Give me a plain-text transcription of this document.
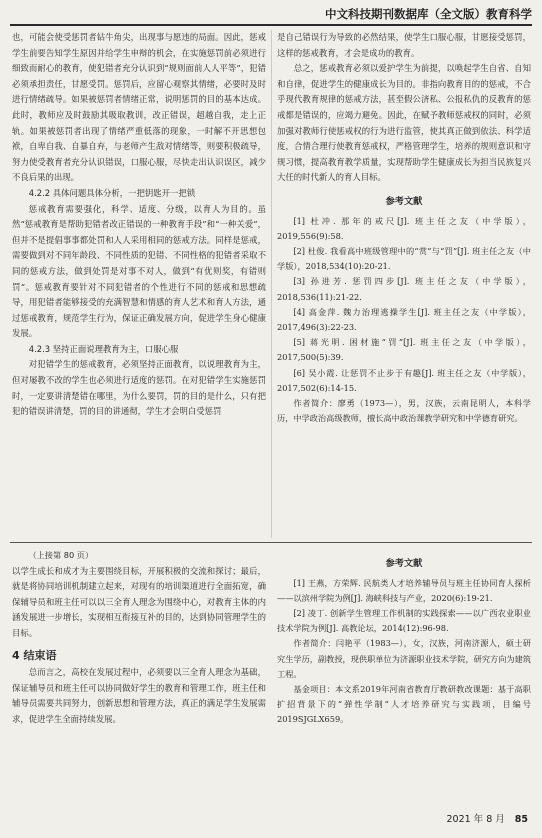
中文科技期刊数据库（全文版）教育科学

也，可能会使受惩罚者钻牛角尖，出现事与愿违的局面。因此，惩戒学生前要告知学生原因并给学生申辩的机会，在实施惩罚前必须进行细致而耐心的教育，使犯错者充分认识到“规则面前人人平等”，犯错必须承担责任，甘愿受罚。惩罚后，应留心观察其情绪，必要时及时进行情绪疏导。如果被惩罚者情绪正常，说明惩罚的目的基本达成。此时，教师应及时鼓励其吸取教训，改正错误，超越自我，走上正轨。如果被惩罚者出现了情绪严重低落的现象，一时解不开思想包袱，自卑自我、自暴自弃，与老师产生敌对情绪等，则要积极疏导，努力使受教育者充分认识错误，口服心服，尽快走出认识误区，减少不良后果的出现。

4.2.2 具体问题具体分析，一把钥匙开一把锁

惩戒教育需要强化，科学、适度、分级，以育人为目的。虽然“惩戒教育是帮助犯错者改正错误的一种教育手段”和“一种关爱”，但并不是提倡事事都处罚和人人采用相同的惩戒方法。同样是惩戒，需要做到对不同年龄段、不同性质的犯错、不同性格的犯错者采取不同的惩戒方法，做到处罚是对事不对人，做到“有优则奖，有错则罚”。惩戒教育要针对不同犯错者的个性进行不同的惩戒和思想疏导，用犯错者能够接受的充满智慧和情感的育人艺术和育人方法，通过惩戒教育，规范学生行为，保证正确发展方向，促进学生身心健康发展。

4.2.3 坚持正面说理教育为主，口服心服

对犯错学生的惩戒教育，必须坚持正面教育，以说理教育为主，但对屡教不改的学生也必须进行适度的惩罚。在对犯错学生实施惩罚时，一定要讲清楚错在哪里，为什么要罚，罚的目的是什么，只有把犯的错误讲清楚，罚的目的讲通彻，学生才会明白受惩罚

是自己错误行为导致的必然结果，使学生口服心服，甘愿接受惩罚，这样的惩戒教育，才会是成功的教育。

总之，惩戒教育必须以爱护学生为前提，以唤起学生自省、自知和自律，促进学生的健康成长为目的。非指向教育目的的惩戒，不合乎现代教育规律的惩戒方法，甚至假公济私、公报私仇的反教育的惩戒都是错误的，应竭力避免。因此，在赋予教师惩戒权的同时，必须加强对教师行使惩戒权的行为进行监管，使其真正做到依法、科学适度，合情合理行使教育惩戒权，严格管理学生，培养的规则意识和守规习惯，提高教育教学质量，实现帮助学生健康成长为担当民族复兴大任的时代新人的育人目标。

参考文献

[1] 杜冲. 那年的戒尺[J]. 班主任之友（中学版），2019,556(9):58.

[2] 杜俊. 我看高中班级管理中的“赏”与“罚”[J]. 班主任之友（中学版），2018,534(10):20-21.

[3] 孙进芳. 惩罚四步[J]. 班主任之友（中学版），2018,536(11):21-22.

[4] 高金萍. 魏力治理逃操学生[J]. 班主任之友（中学版），2017,496(3):22-23.

[5] 蒋光明. 困材施“罚”[J]. 班主任之友（中学版），2017,500(5):39.

[6] 吴小霞. 让惩罚不止步于有趣[J]. 班主任之友（中学版），2017,502(6):14-15.

作者简介：廖勇（1973—），男，汉族，云南昆明人，本科学历，中学政治高级教师，擅长高中政治课教学研究和中学德育研究。

（上接第 80 页）

以学生成长和成才为主要围绕目标，开展积极的交流和探讨；最后，就是将协同培训机制建立起来，对现有的培训渠道进行全面拓宽，确保辅导员和班主任可以以三全育人理念为围绕中心，对教育主体的内涵发展进一步增长，实现相互衔接互补的目的，达到协同管理学生的目标。

4 结束语

总而言之，高校在发展过程中，必须要以三全育人理念为基础，保证辅导员和班主任可以协同做好学生的教育和管理工作，班主任和辅导员需要共同努力，创新思想和管理方法，真正的满足学生发展需求，促进学生全面持续发展。

参考文献

[1] 王燕，方荣辉. 民航类人才培养辅导员与班主任协同育人探析——以滨州学院为例[J]. 海峡科技与产业，2020(6):19-21.

[2] 凌丁. 创新学生管理工作机制的实践探索——以广西农业职业技术学院为例[J]. 高教论坛，2014(12):96-98.

作者简介：闫艳平（1983—），女，汉族，河南济源人，硕士研究生学历，副教授，现供职单位为济源职业技术学院，研究方向为建筑工程。

基金项目：本文系2019年河南省教育厅教研教改课题：基于高职扩招背景下的“弹性学制”人才培养研究与实践项，目编号2019SJGLX659。

2021 年 8 月 85
